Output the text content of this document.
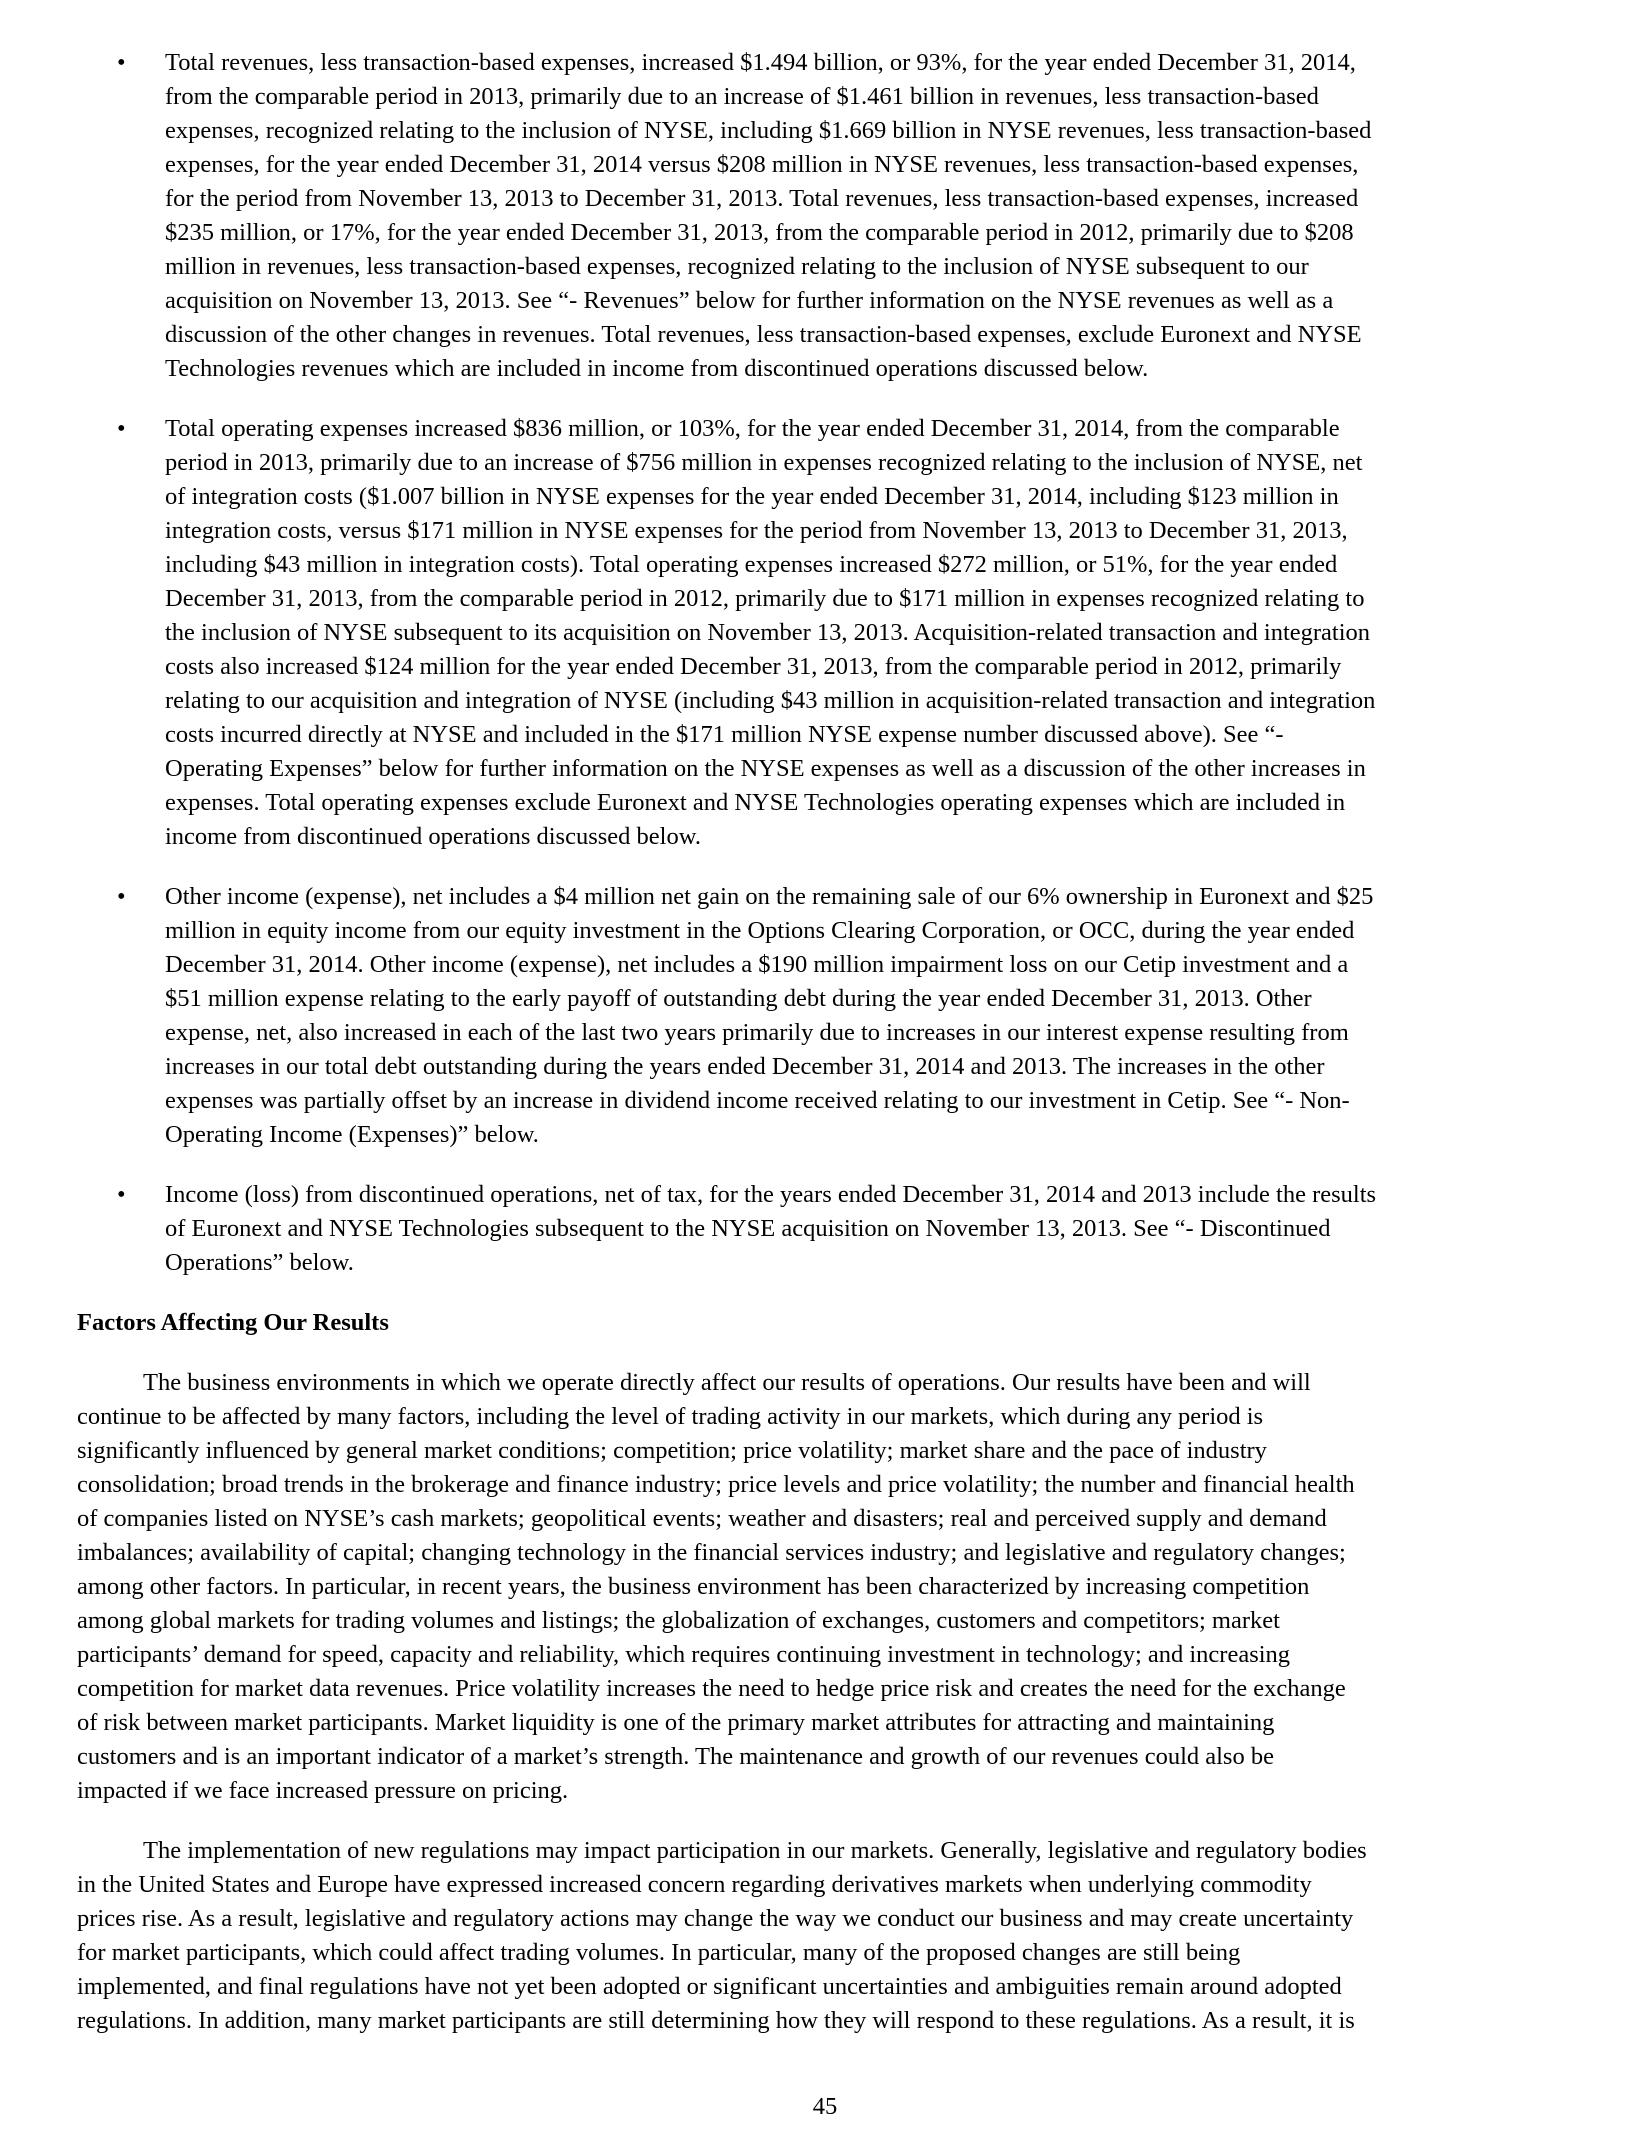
• Total revenues, less transaction-based expenses, increased $1.494 billion, or 93%, for the year ended December 31, 2014,
from the comparable period in 2013, primarily due to an increase of $1.461 billion in revenues, less transaction-based
expenses, recognized relating to the inclusion of NYSE, including $1.669 billion in NYSE revenues, less transaction-based
expenses, for the year ended December 31, 2014 versus $208 million in NYSE revenues, less transaction-based expenses,
for the period from November 13, 2013 to December 31, 2013. Total revenues, less transaction-based expenses, increased
$235 million, or 17%, for the year ended December 31, 2013, from the comparable period in 2012, primarily due to $208
million in revenues, less transaction-based expenses, recognized relating to the inclusion of NYSE subsequent to our
acquisition on November 13, 2013. See “- Revenues” below for further information on the NYSE revenues as well as a
discussion of the other changes in revenues. Total revenues, less transaction-based expenses, exclude Euronext and NYSE
Technologies revenues which are included in income from discontinued operations discussed below.
• Total operating expenses increased $836 million, or 103%, for the year ended December 31, 2014, from the comparable
period in 2013, primarily due to an increase of $756 million in expenses recognized relating to the inclusion of NYSE, net
of integration costs ($1.007 billion in NYSE expenses for the year ended December 31, 2014, including $123 million in
integration costs, versus $171 million in NYSE expenses for the period from November 13, 2013 to December 31, 2013,
including $43 million in integration costs). Total operating expenses increased $272 million, or 51%, for the year ended
December 31, 2013, from the comparable period in 2012, primarily due to $171 million in expenses recognized relating to
the inclusion of NYSE subsequent to its acquisition on November 13, 2013. Acquisition-related transaction and integration
costs also increased $124 million for the year ended December 31, 2013, from the comparable period in 2012, primarily
relating to our acquisition and integration of NYSE (including $43 million in acquisition-related transaction and integration
costs incurred directly at NYSE and included in the $171 million NYSE expense number discussed above). See “-
Operating Expenses” below for further information on the NYSE expenses as well as a discussion of the other increases in
expenses. Total operating expenses exclude Euronext and NYSE Technologies operating expenses which are included in
income from discontinued operations discussed below.
• Other income (expense), net includes a $4 million net gain on the remaining sale of our 6% ownership in Euronext and $25
million in equity income from our equity investment in the Options Clearing Corporation, or OCC, during the year ended
December 31, 2014. Other income (expense), net includes a $190 million impairment loss on our Cetip investment and a
$51 million expense relating to the early payoff of outstanding debt during the year ended December 31, 2013. Other
expense, net, also increased in each of the last two years primarily due to increases in our interest expense resulting from
increases in our total debt outstanding during the years ended December 31, 2014 and 2013. The increases in the other
expenses was partially offset by an increase in dividend income received relating to our investment in Cetip. See “- Non-
Operating Income (Expenses)” below.
• Income (loss) from discontinued operations, net of tax, for the years ended December 31, 2014 and 2013 include the results
of Euronext and NYSE Technologies subsequent to the NYSE acquisition on November 13, 2013. See “- Discontinued
Operations” below.
Factors Affecting Our Results
The business environments in which we operate directly affect our results of operations. Our results have been and will
continue to be affected by many factors, including the level of trading activity in our markets, which during any period is
significantly influenced by general market conditions; competition; price volatility; market share and the pace of industry
consolidation; broad trends in the brokerage and finance industry; price levels and price volatility; the number and financial health
of companies listed on NYSE’s cash markets; geopolitical events; weather and disasters; real and perceived supply and demand
imbalances; availability of capital; changing technology in the financial services industry; and legislative and regulatory changes;
among other factors. In particular, in recent years, the business environment has been characterized by increasing competition
among global markets for trading volumes and listings; the globalization of exchanges, customers and competitors; market
participants’ demand for speed, capacity and reliability, which requires continuing investment in technology; and increasing
competition for market data revenues. Price volatility increases the need to hedge price risk and creates the need for the exchange
of risk between market participants. Market liquidity is one of the primary market attributes for attracting and maintaining
customers and is an important indicator of a market’s strength. The maintenance and growth of our revenues could also be
impacted if we face increased pressure on pricing.
The implementation of new regulations may impact participation in our markets. Generally, legislative and regulatory bodies
in the United States and Europe have expressed increased concern regarding derivatives markets when underlying commodity
prices rise. As a result, legislative and regulatory actions may change the way we conduct our business and may create uncertainty
for market participants, which could affect trading volumes. In particular, many of the proposed changes are still being
implemented, and final regulations have not yet been adopted or significant uncertainties and ambiguities remain around adopted
regulations. In addition, many market participants are still determining how they will respond to these regulations. As a result, it is
45
